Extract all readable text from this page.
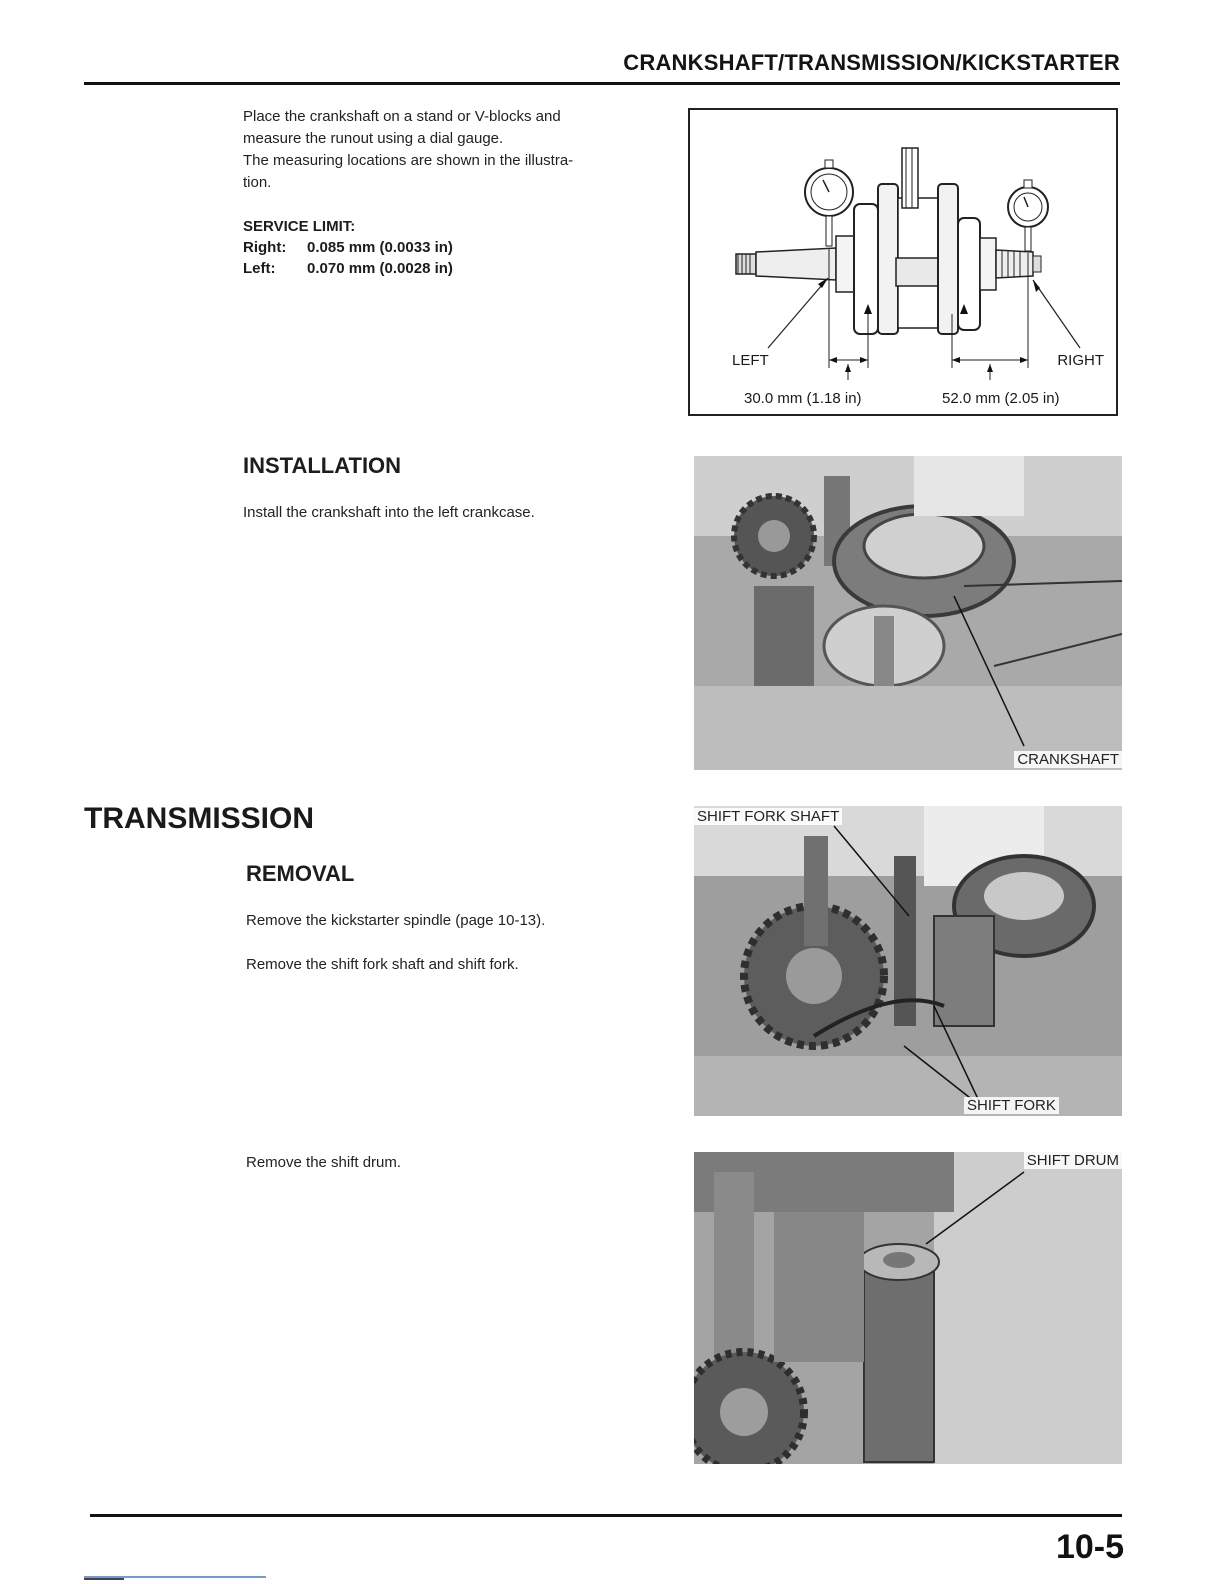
CRANKSHAFT/TRANSMISSION/KICKSTARTER

Place the crankshaft on a stand or V-blocks and

measure the runout using a dial gauge.

The measuring locations are shown in the illustra-

tion.

SERVICE LIMIT:
Right:	0.085 mm (0.0033 in)
Left:	0.070 mm (0.0028 in)
LEFT	RIGHT
30.0 mm (1.18 in)	52.0 mm (2.05 in)
INSTALLATION
Install the crankshaft into the left crankcase.
CRANKSHAFT
TRANSMISSION
REMOVAL
Remove the kickstarter spindle (page 10-13).
Remove the shift fork shaft and shift fork.
Remove the shift drum.
SHIFT FORK SHAFT
SHIFT FORK
SHIFT DRUM
10-5
